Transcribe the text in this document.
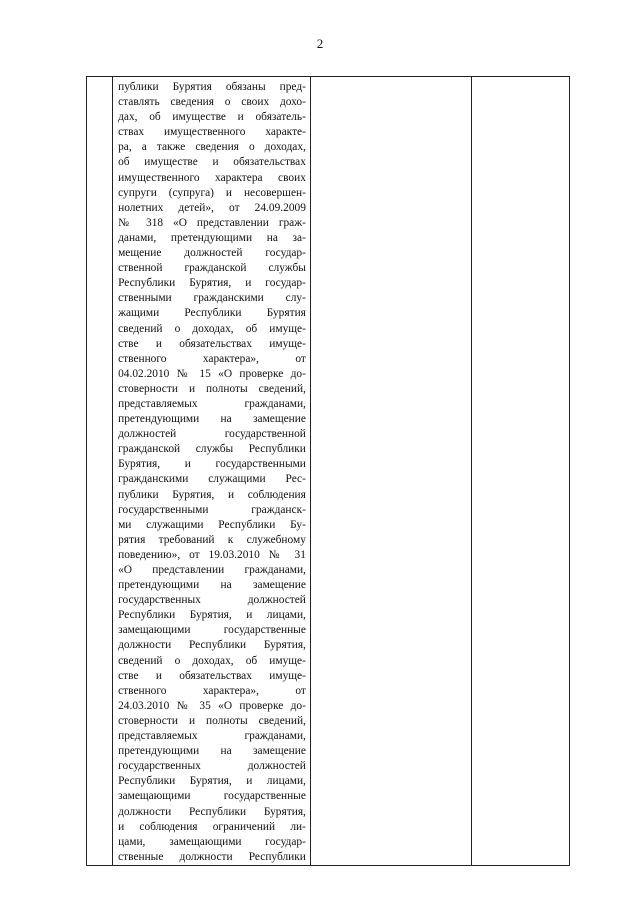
2

публики Бурятия обязаны пред-
ставлять сведения о своих дохо-
дах, об имуществе и обязатель-
ствах имущественного характе-
ра, а также сведения о доходах,
об имуществе и обязательствах
имущественного характера своих
супруги (супруга) и несовершен-
нолетних детей», от 24.09.2009
№ 318 «О представлении граж-
данами, претендующими на за-
мещение должностей государ-
ственной гражданской службы
Республики Бурятия, и государ-
ственными гражданскими слу-
жащими Республики Бурятия
сведений о доходах, об имуще-
стве и обязательствах имуще-
ственного характера», от
04.02.2010 № 15 «О проверке до-
стоверности и полноты сведений,
представляемых гражданами,
претендующими на замещение
должностей государственной
гражданской службы Республики
Бурятия, и государственными
гражданскими служащими Рес-
публики Бурятия, и соблюдения
государственными гражданск-
ми служащими Республики Бу-
рятия требований к служебному
поведению», от 19.03.2010 № 31
«О представлении гражданами,
претендующими на замещение
государственных должностей
Республики Бурятия, и лицами,
замещающими государственные
должности Республики Бурятия,
сведений о доходах, об имуще-
стве и обязательствах имуще-
ственного характера», от
24.03.2010 № 35 «О проверке до-
стоверности и полноты сведений,
представляемых гражданами,
претендующими на замещение
государственных должностей
Республики Бурятия, и лицами,
замещающими государственные
должности Республики Бурятия,
и соблюдения ограничений ли-
цами, замещающими государ-
ственные должности Республики
